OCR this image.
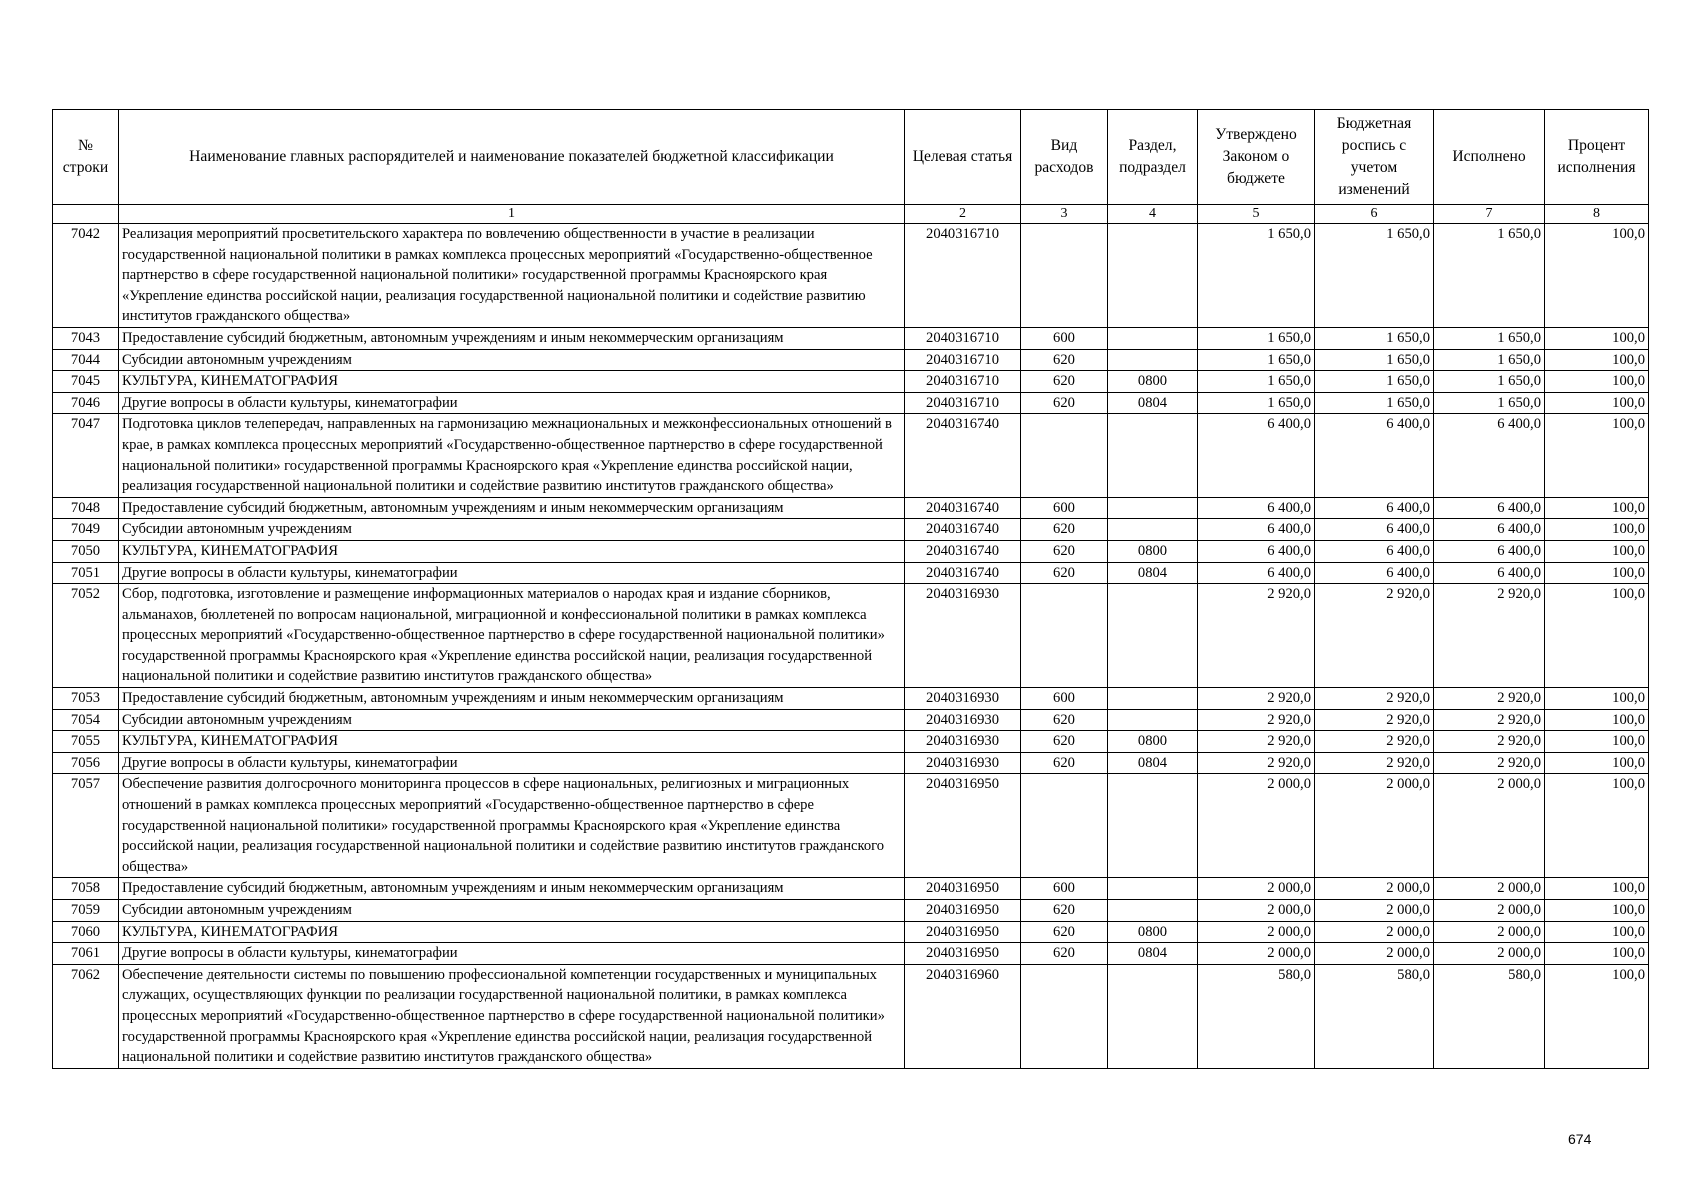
№ строки	Наименование главных распорядителей и наименование показателей бюджетной классификации	Целевая статья	Вид расходов	Раздел, подраздел	Утверждено Законом о бюджете	Бюджетная роспись с учетом изменений	Исполнено	Процент исполнения
	1	2	3	4	5	6	7	8
7042	Реализация мероприятий просветительского характера по вовлечению общественности в участие в реализации государственной национальной политики в рамках комплекса процессных мероприятий «Государственно-общественное партнерство в сфере государственной национальной политики» государственной программы Красноярского края «Укрепление единства российской нации, реализация государственной национальной политики и содействие развитию институтов гражданского общества»	2040316710			1 650,0	1 650,0	1 650,0	100,0
7043	Предоставление субсидий бюджетным, автономным учреждениям и иным некоммерческим организациям	2040316710	600		1 650,0	1 650,0	1 650,0	100,0
7044	Субсидии автономным учреждениям	2040316710	620		1 650,0	1 650,0	1 650,0	100,0
7045	КУЛЬТУРА, КИНЕМАТОГРАФИЯ	2040316710	620	0800	1 650,0	1 650,0	1 650,0	100,0
7046	Другие вопросы в области культуры, кинематографии	2040316710	620	0804	1 650,0	1 650,0	1 650,0	100,0
7047	Подготовка циклов телепередач, направленных на гармонизацию межнациональных и межконфессиональных отношений в крае, в рамках комплекса процессных мероприятий «Государственно-общественное партнерство в сфере государственной национальной политики» государственной программы Красноярского края «Укрепление единства российской нации, реализация государственной национальной политики и содействие развитию институтов гражданского общества»	2040316740			6 400,0	6 400,0	6 400,0	100,0
7048	Предоставление субсидий бюджетным, автономным учреждениям и иным некоммерческим организациям	2040316740	600		6 400,0	6 400,0	6 400,0	100,0
7049	Субсидии автономным учреждениям	2040316740	620		6 400,0	6 400,0	6 400,0	100,0
7050	КУЛЬТУРА, КИНЕМАТОГРАФИЯ	2040316740	620	0800	6 400,0	6 400,0	6 400,0	100,0
7051	Другие вопросы в области культуры, кинематографии	2040316740	620	0804	6 400,0	6 400,0	6 400,0	100,0
7052	Сбор, подготовка, изготовление и размещение информационных материалов о народах края и издание сборников, альманахов, бюллетеней по вопросам национальной, миграционной и конфессиональной политики в рамках комплекса процессных мероприятий «Государственно-общественное партнерство в сфере государственной национальной политики» государственной программы Красноярского края «Укрепление единства российской нации, реализация государственной национальной политики и содействие развитию институтов гражданского общества»	2040316930			2 920,0	2 920,0	2 920,0	100,0
7053	Предоставление субсидий бюджетным, автономным учреждениям и иным некоммерческим организациям	2040316930	600		2 920,0	2 920,0	2 920,0	100,0
7054	Субсидии автономным учреждениям	2040316930	620		2 920,0	2 920,0	2 920,0	100,0
7055	КУЛЬТУРА, КИНЕМАТОГРАФИЯ	2040316930	620	0800	2 920,0	2 920,0	2 920,0	100,0
7056	Другие вопросы в области культуры, кинематографии	2040316930	620	0804	2 920,0	2 920,0	2 920,0	100,0
7057	Обеспечение развития долгосрочного мониторинга процессов в сфере национальных, религиозных и миграционных отношений в рамках комплекса процессных мероприятий «Государственно-общественное партнерство в сфере государственной национальной политики» государственной программы Красноярского края «Укрепление единства российской нации, реализация государственной национальной политики и содействие развитию институтов гражданского общества»	2040316950			2 000,0	2 000,0	2 000,0	100,0
7058	Предоставление субсидий бюджетным, автономным учреждениям и иным некоммерческим организациям	2040316950	600		2 000,0	2 000,0	2 000,0	100,0
7059	Субсидии автономным учреждениям	2040316950	620		2 000,0	2 000,0	2 000,0	100,0
7060	КУЛЬТУРА, КИНЕМАТОГРАФИЯ	2040316950	620	0800	2 000,0	2 000,0	2 000,0	100,0
7061	Другие вопросы в области культуры, кинематографии	2040316950	620	0804	2 000,0	2 000,0	2 000,0	100,0
7062	Обеспечение деятельности системы по повышению профессиональной компетенции государственных и муниципальных служащих, осуществляющих функции по реализации государственной национальной политики, в рамках комплекса процессных мероприятий «Государственно-общественное партнерство в сфере государственной национальной политики» государственной программы Красноярского края «Укрепление единства российской нации, реализация государственной национальной политики и содействие развитию институтов гражданского общества»	2040316960			580,0	580,0	580,0	100,0
674
